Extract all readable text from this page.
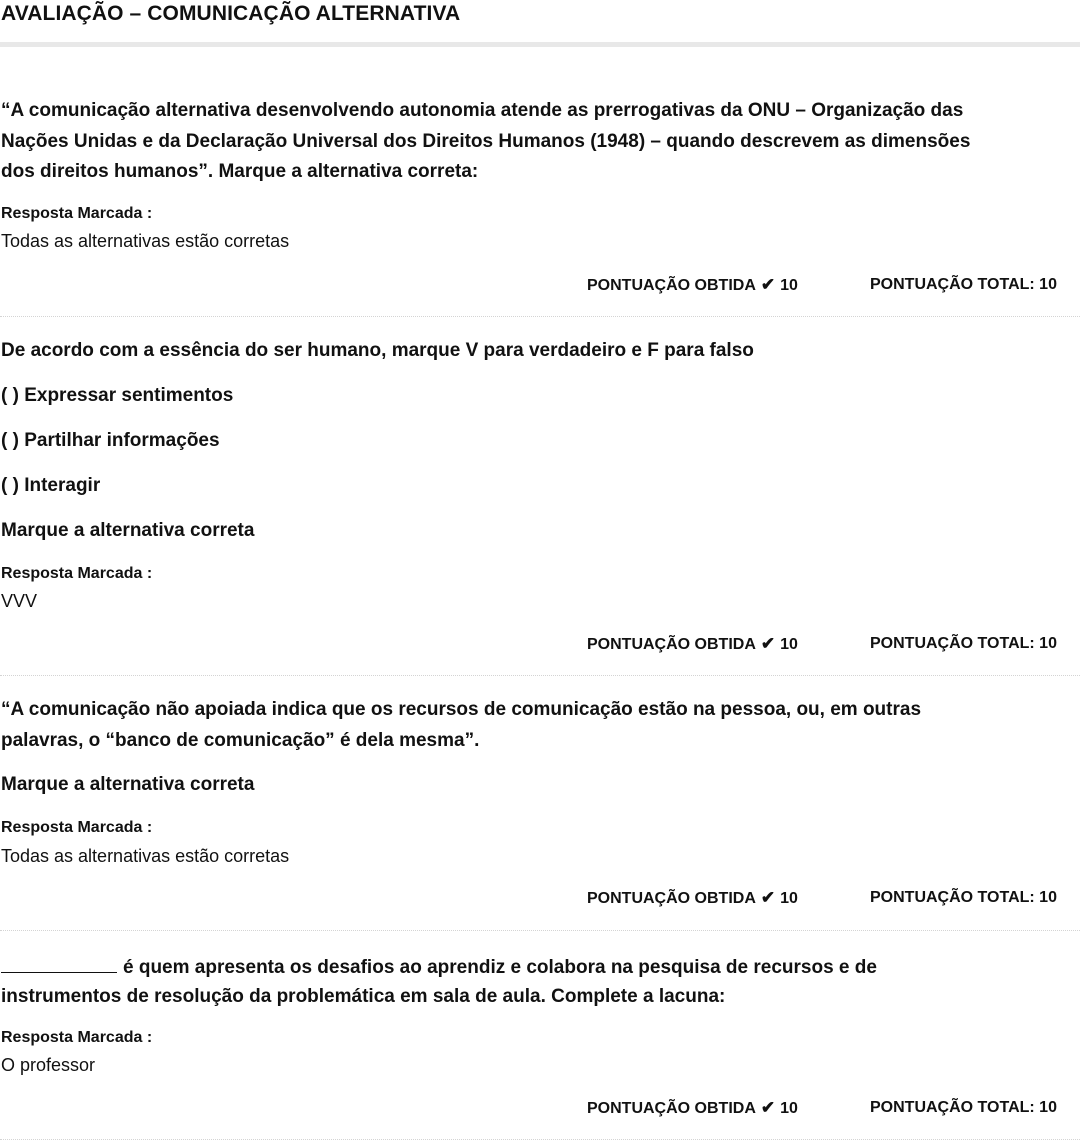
AVALIAÇÃO – COMUNICAÇÃO ALTERNATIVA
“A comunicação alternativa desenvolvendo autonomia atende as prerrogativas da ONU – Organização das
Nações Unidas e da Declaração Universal dos Direitos Humanos (1948) – quando descrevem as dimensões
dos direitos humanos”. Marque a alternativa correta:
Resposta Marcada :
Todas as alternativas estão corretas
PONTUAÇÃO OBTIDA ✔ 10	PONTUAÇÃO TOTAL: 10
De acordo com a essência do ser humano, marque V para verdadeiro e F para falso
( ) Expressar sentimentos
( ) Partilhar informações
( ) Interagir
Marque a alternativa correta
Resposta Marcada :
VVV
PONTUAÇÃO OBTIDA ✔ 10	PONTUAÇÃO TOTAL: 10
“A comunicação não apoiada indica que os recursos de comunicação estão na pessoa, ou, em outras
palavras, o “banco de comunicação” é dela mesma”.
Marque a alternativa correta
Resposta Marcada :
Todas as alternativas estão corretas
PONTUAÇÃO OBTIDA ✔ 10	PONTUAÇÃO TOTAL: 10
é quem apresenta os desafios ao aprendiz e colabora na pesquisa de recursos e de
instrumentos de resolução da problemática em sala de aula. Complete a lacuna:
Resposta Marcada :
O professor
PONTUAÇÃO OBTIDA ✔ 10	PONTUAÇÃO TOTAL: 10
